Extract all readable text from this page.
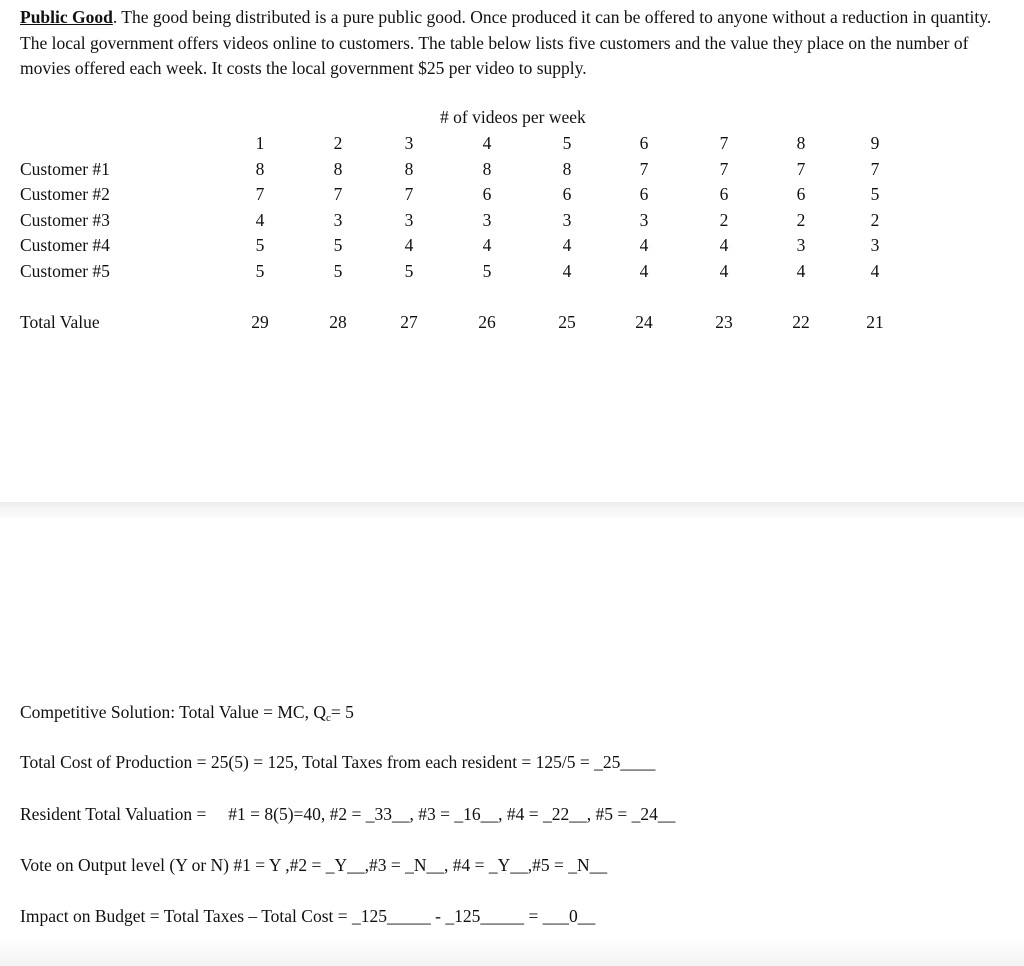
Public Good. The good being distributed is a pure public good. Once produced it can be offered to anyone without a reduction in quantity. The local government offers videos online to customers. The table below lists five customers and the value they place on the number of movies offered each week. It costs the local government $25 per video to supply.
# of videos per week
1	2	3	4	5	6	7	8	9
Customer #1	8	8	8	8	8	7	7	7	7
Customer #2	7	7	7	6	6	6	6	6	5
Customer #3	4	3	3	3	3	3	2	2	2
Customer #4	5	5	4	4	4	4	4	3	3
Customer #5	5	5	5	5	4	4	4	4	4
Total Value	29	28	27	26	25	24	23	22	21
Competitive Solution: Total Value = MC, $Q_c= 5$
Total Cost of Production = 25(5) = 125, Total Taxes from each resident = 125/5 = _25____
Resident Total Valuation =     #1 = 8(5)=40, #2 = _33__, #3 = _16__, #4 = _22__, #5 = _24__
Vote on Output level (Y or N) #1 = Y ,#2 = _Y__,#3 = _N__, #4 = _Y__,#5 = _N__
Impact on Budget = Total Taxes – Total Cost = _125_____ - _125_____ = ___0__
